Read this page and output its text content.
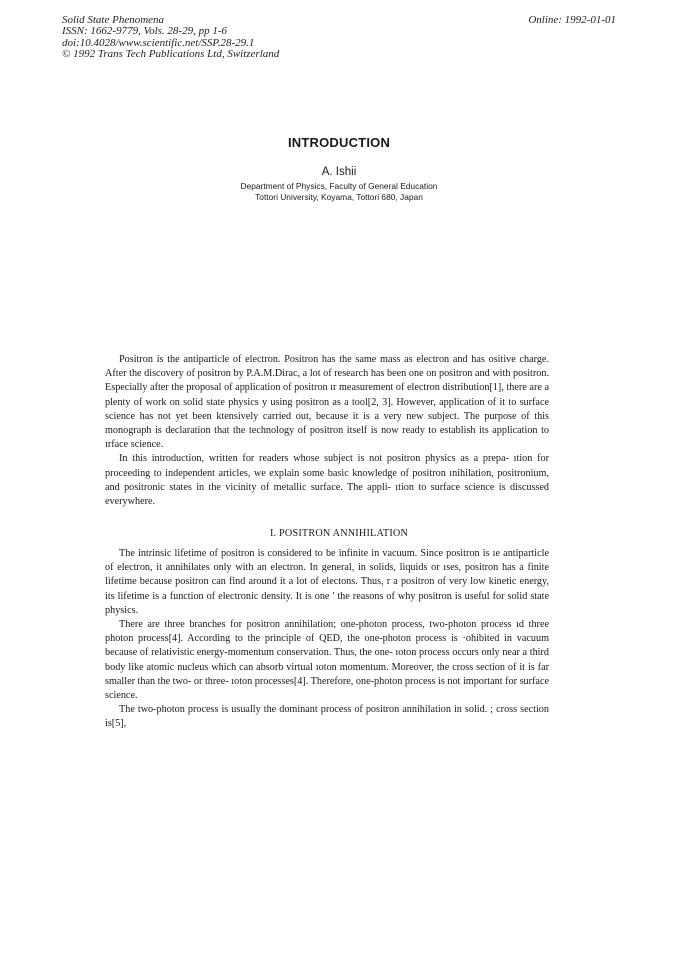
Solid State Phenomena
ISSN: 1662-9779, Vols. 28-29, pp 1-6
doi:10.4028/www.scientific.net/SSP.28-29.1
© 1992 Trans Tech Publications Ltd, Switzerland
Online: 1992-01-01
INTRODUCTION
A. Ishii
Department of Physics, Faculty of General Education
Tottori University, Koyama, Tottori 680, Japan

Positron is the antiparticle of electron. Positron has the same mass as electron and has ositive charge. After the discovery of positron by P.A.M.Dirac, a lot of research has been one on positron and with positron. Especially after the proposal of application of positron ɪr measurement of electron distribution[1], there are a plenty of work on solid state physics y using positron as a tool[2, 3]. However, application of it to surface science has not yet been ktensively carried out, because it is a very new subject. The purpose of this monograph is declaration that the technology of positron itself is now ready to establish its application to ɪrface science.

In this introduction, written for readers whose subject is not positron physics as a prepa- ıtion for proceeding to independent articles, we explain some basic knowledge of positron ınihilation, positronium, and positronic states in the vicinity of metallic surface. The appli- ıtion to surface science is discussed everywhere.

I. POSITRON ANNIHILATION

The intrinsic lifetime of positron is considered to be infinite in vacuum. Since positron is ıe antiparticle of electron, it annihilates only with an electron. In general, in solids, liquids or ıses, positron has a finite lifetime because positron can find around it a lot of electons. Thus, r a positron of very low kinetic energy, its lifetime is a function of electronic density. It is one ' the reasons of why positron is useful for solid state physics.

There are three branches for positron annihilation; one-photon process, two-photon process ıd three photon process[4]. According to the principle of QED, the one-photon process is ·ohibited in vacuum because of relativistic energy-momentum conservation. Thus, the one- ıoton process occurs only near a third body like atomic nucleus which can absorb virtual ıoton momentum. Moreover, the cross section of it is far smaller than the two- or three- ıoton processes[4]. Therefore, one-photon process is not important for surface science.

The two-photon process is usually the dominant process of positron annihilation in solid. ; cross section is[5],
